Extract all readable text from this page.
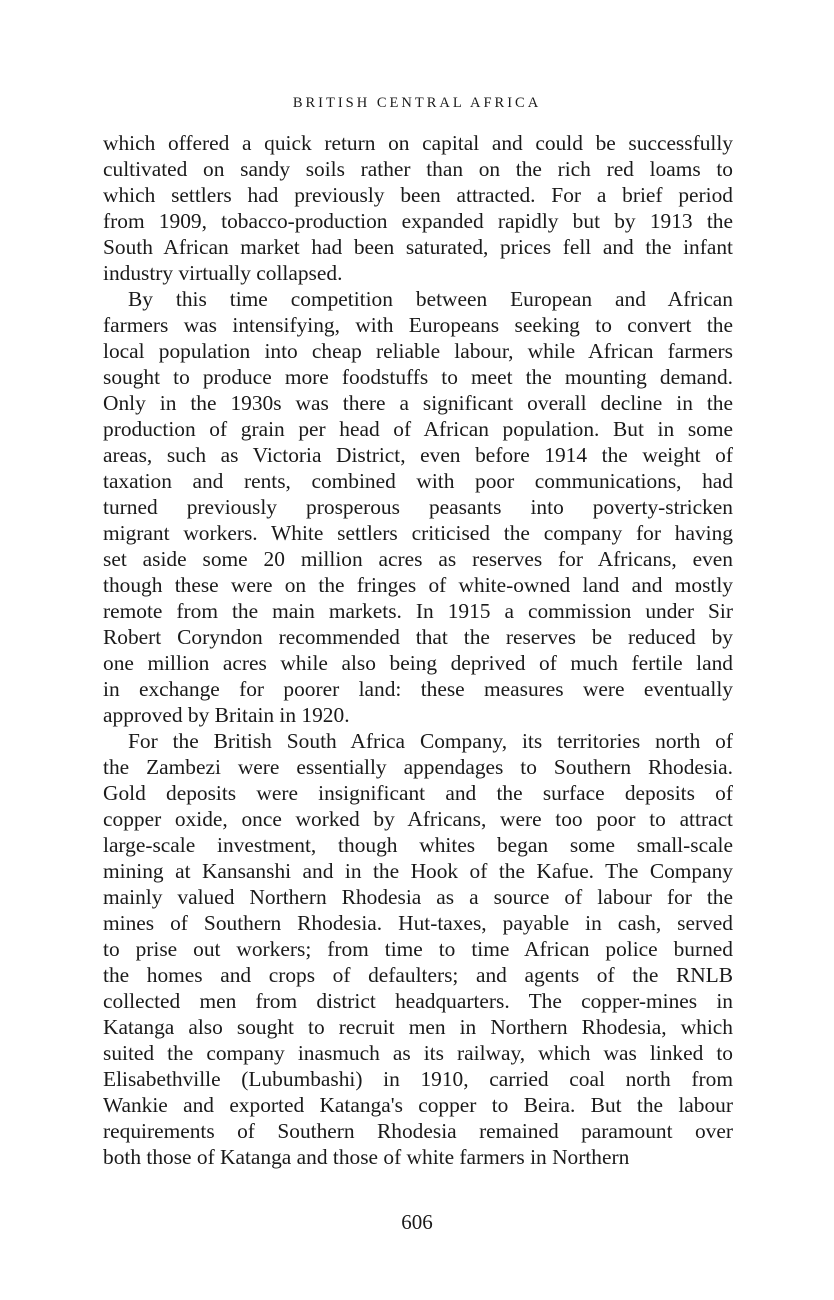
BRITISH CENTRAL AFRICA
which offered a quick return on capital and could be successfully
cultivated on sandy soils rather than on the rich red loams to
which settlers had previously been attracted. For a brief period
from 1909, tobacco-production expanded rapidly but by 1913 the
South African market had been saturated, prices fell and the infant
industry virtually collapsed.
By this time competition between European and African
farmers was intensifying, with Europeans seeking to convert the
local population into cheap reliable labour, while African farmers
sought to produce more foodstuffs to meet the mounting demand.
Only in the 1930s was there a significant overall decline in the
production of grain per head of African population. But in some
areas, such as Victoria District, even before 1914 the weight of
taxation and rents, combined with poor communications, had
turned previously prosperous peasants into poverty-stricken
migrant workers. White settlers criticised the company for having
set aside some 20 million acres as reserves for Africans, even
though these were on the fringes of white-owned land and mostly
remote from the main markets. In 1915 a commission under Sir
Robert Coryndon recommended that the reserves be reduced by
one million acres while also being deprived of much fertile land
in exchange for poorer land: these measures were eventually
approved by Britain in 1920.
For the British South Africa Company, its territories north of
the Zambezi were essentially appendages to Southern Rhodesia.
Gold deposits were insignificant and the surface deposits of
copper oxide, once worked by Africans, were too poor to attract
large-scale investment, though whites began some small-scale
mining at Kansanshi and in the Hook of the Kafue. The Company
mainly valued Northern Rhodesia as a source of labour for the
mines of Southern Rhodesia. Hut-taxes, payable in cash, served
to prise out workers; from time to time African police burned
the homes and crops of defaulters; and agents of the RNLB
collected men from district headquarters. The copper-mines in
Katanga also sought to recruit men in Northern Rhodesia, which
suited the company inasmuch as its railway, which was linked to
Elisabethville (Lubumbashi) in 1910, carried coal north from
Wankie and exported Katanga's copper to Beira. But the labour
requirements of Southern Rhodesia remained paramount over
both those of Katanga and those of white farmers in Northern
606
